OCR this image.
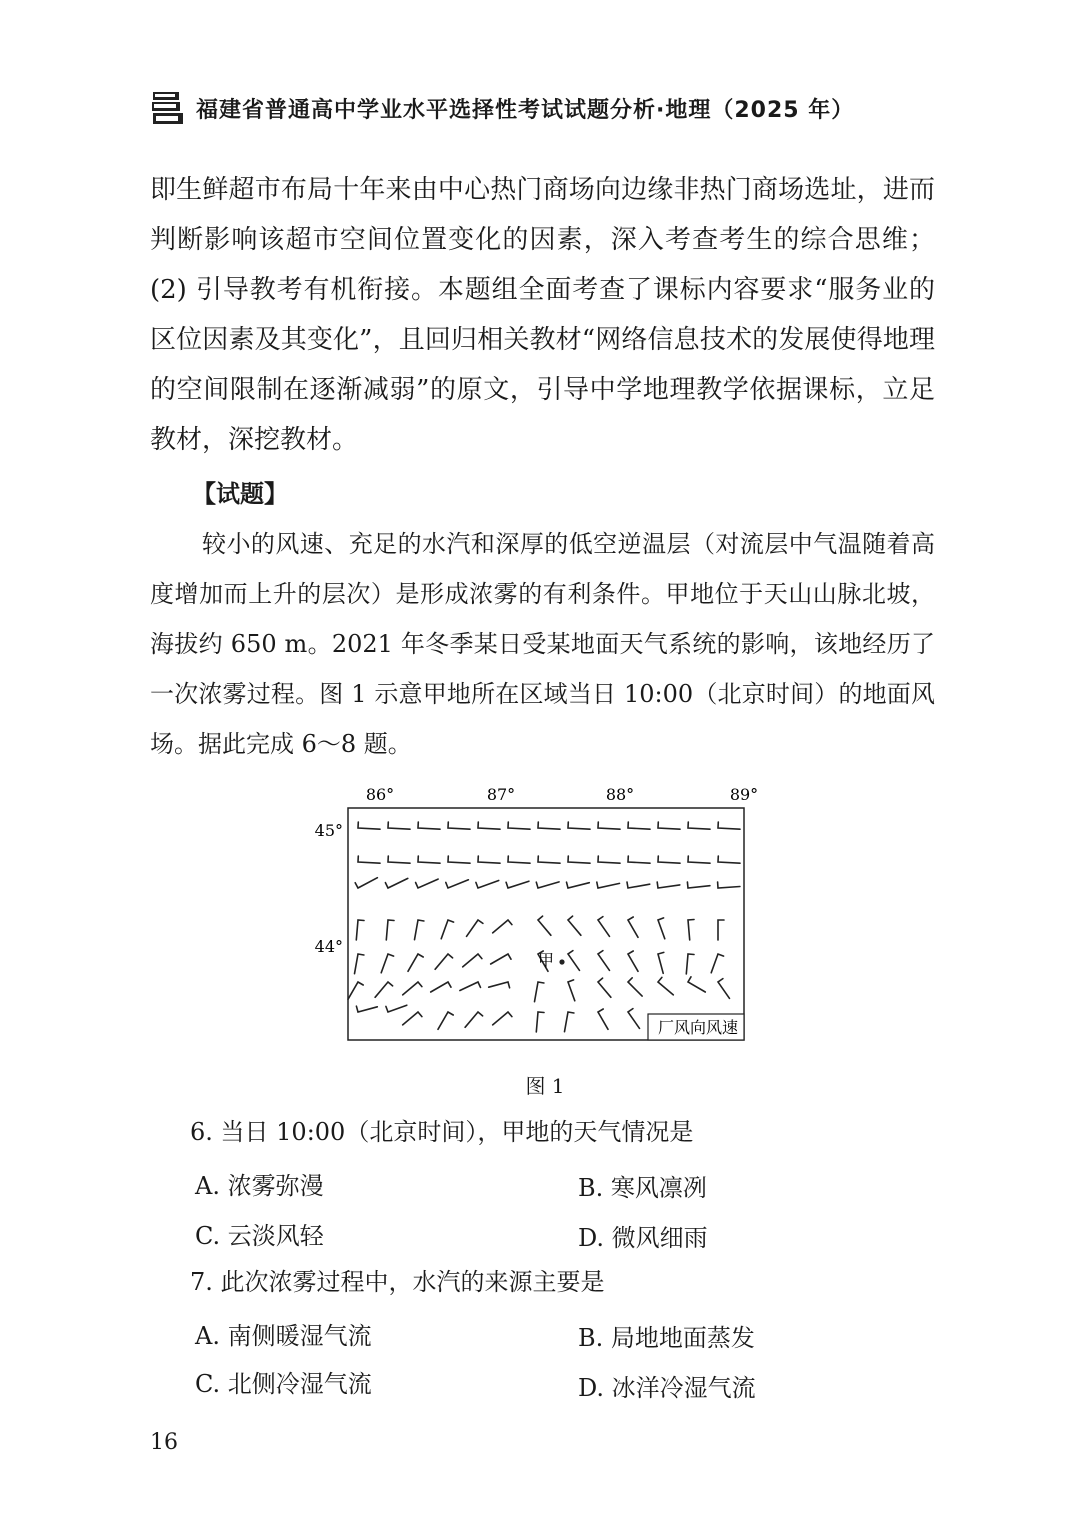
福建省普通高中学业水平选择性考试试题分析·地理（2025 年）
即生鲜超市布局十年来由中心热门商场向边缘非热门商场选址，进而判断影响该超市空间位置变化的因素，深入考查考生的综合思维；(2) 引导教考有机衔接。本题组全面考查了课标内容要求“服务业的区位因素及其变化”，且回归相关教材“网络信息技术的发展使得地理的空间限制在逐渐减弱”的原文，引导中学地理教学依据课标，立足教材，深挖教材。
【试题】
较小的风速、充足的水汽和深厚的低空逆温层（对流层中气温随着高度增加而上升的层次）是形成浓雾的有利条件。甲地位于天山山脉北坡，海拔约 650 m。2021 年冬季某日受某地面天气系统的影响，该地经历了一次浓雾过程。图 1 示意甲地所在区域当日 10:00（北京时间）的地面风场。据此完成 6～8 题。
86°	87°	88°	89°
45°
44°
甲
厂 风向风速
图 1
6. 当日 10:00（北京时间），甲地的天气情况是
A. 浓雾弥漫	B. 寒风凛冽
C. 云淡风轻	D. 微风细雨
7. 此次浓雾过程中，水汽的来源主要是
A. 南侧暖湿气流	B. 局地地面蒸发
C. 北侧冷湿气流	D. 冰洋冷湿气流
16
